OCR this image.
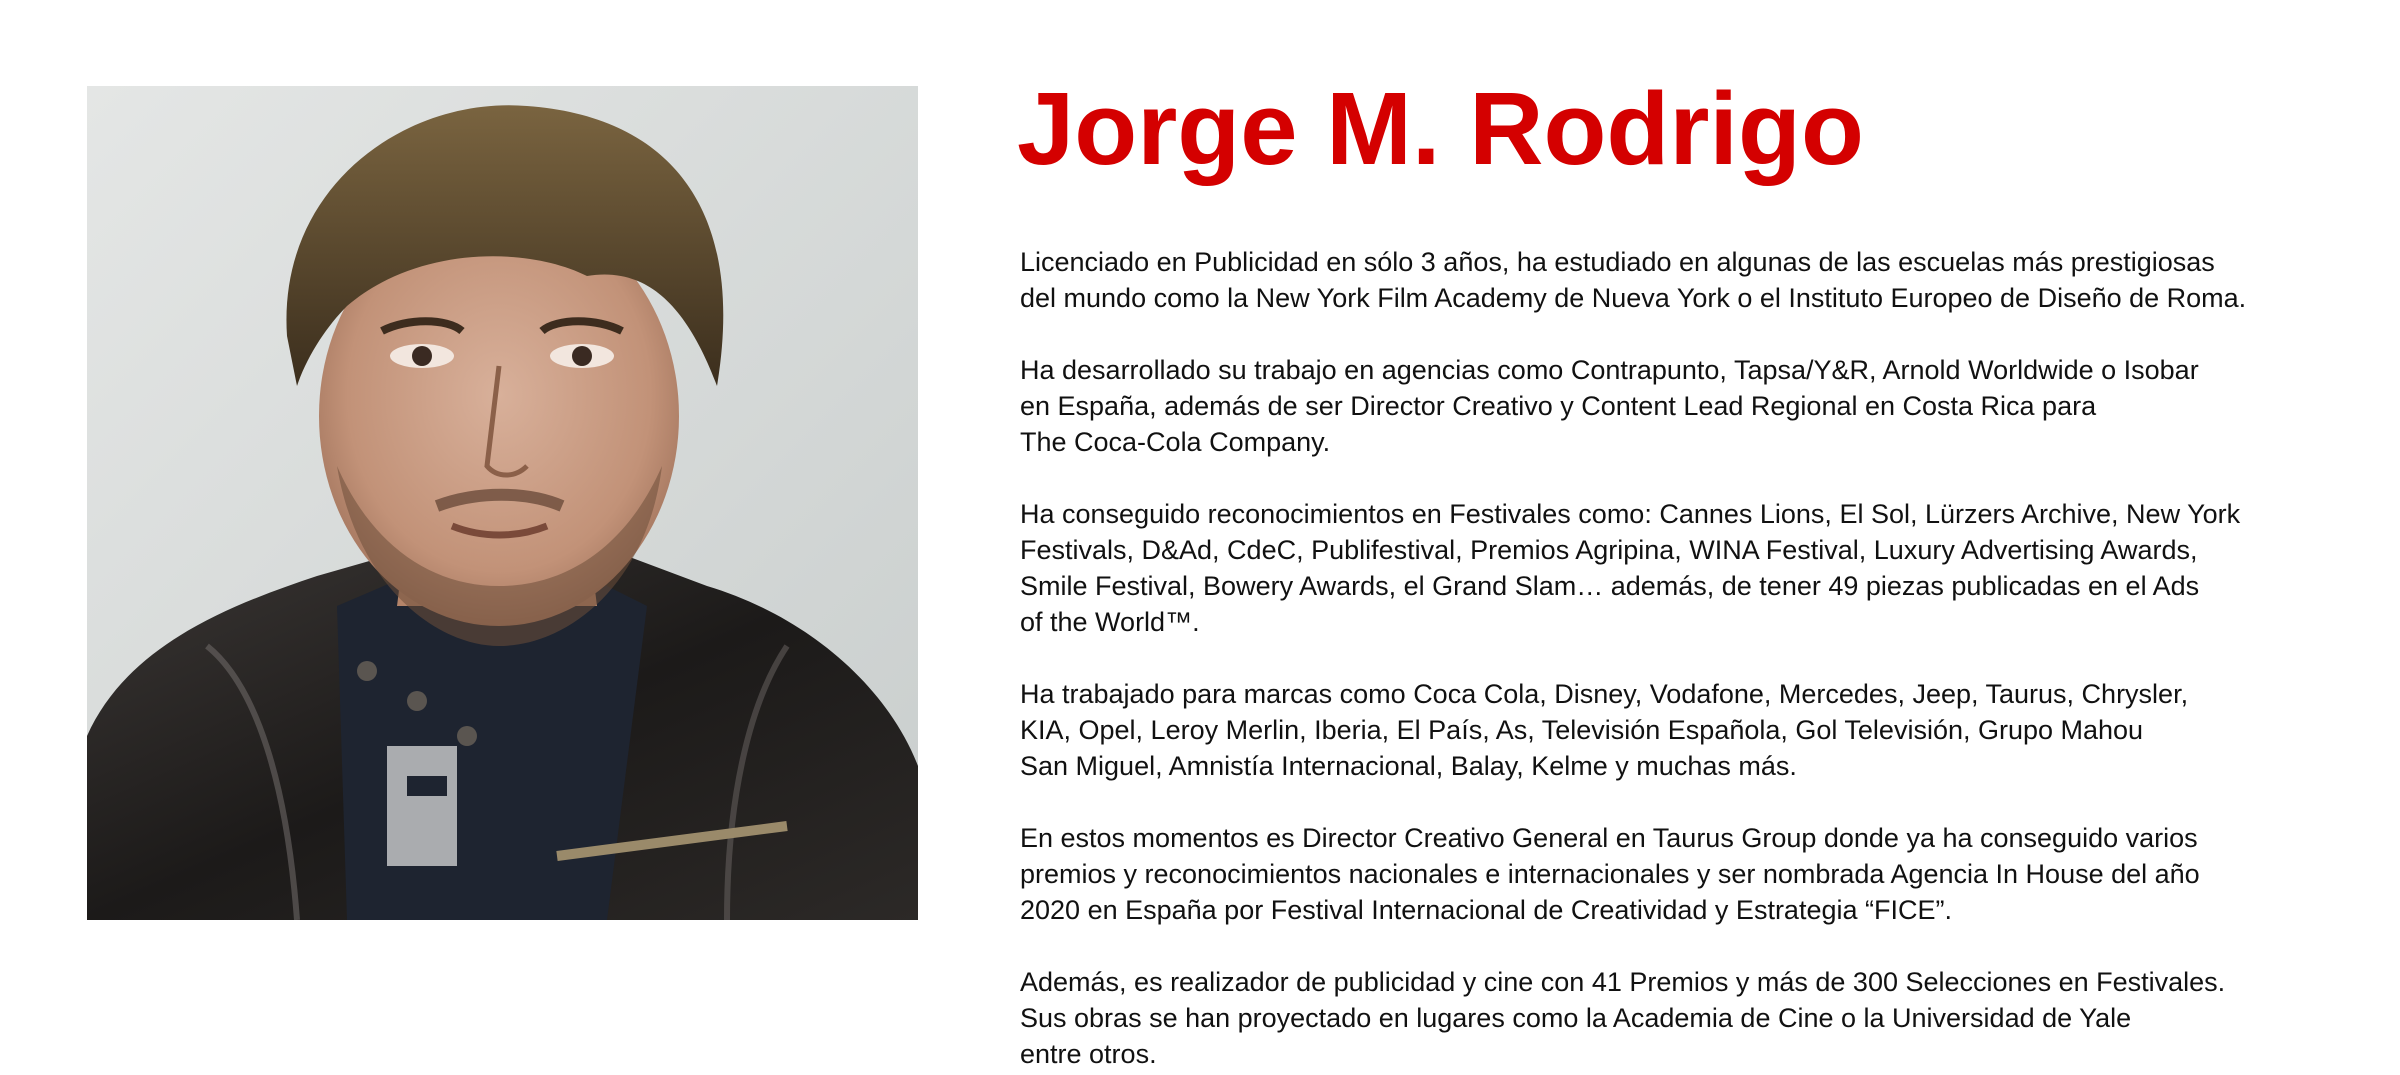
Jorge M. Rodrigo

Licenciado en Publicidad en sólo 3 años, ha estudiado en algunas de las escuelas más prestigiosas
del mundo como la New York Film Academy de Nueva York o el Instituto Europeo de Diseño de Roma.

Ha desarrollado su trabajo en agencias como Contrapunto, Tapsa/Y&R, Arnold Worldwide o Isobar
en España, además de ser Director Creativo y Content Lead Regional en Costa Rica para
The Coca-Cola Company.

Ha conseguido reconocimientos en Festivales como: Cannes Lions, El Sol, Lürzers Archive, New York
Festivals, D&Ad, CdeC, Publifestival, Premios Agripina, WINA Festival, Luxury Advertising Awards,
Smile Festival, Bowery Awards, el Grand Slam… además, de tener 49 piezas publicadas en el Ads
of the World™.

Ha trabajado para marcas como Coca Cola, Disney, Vodafone, Mercedes, Jeep, Taurus, Chrysler,
KIA, Opel, Leroy Merlin, Iberia, El País, As, Televisión Española, Gol Televisión, Grupo Mahou
San Miguel, Amnistía Internacional, Balay, Kelme y muchas más.

En estos momentos es Director Creativo General en Taurus Group donde ya ha conseguido varios
premios y reconocimientos nacionales e internacionales y ser nombrada Agencia In House del año
2020 en España por Festival Internacional de Creatividad y Estrategia “FICE”.

Además, es realizador de publicidad y cine con 41 Premios y más de 300 Selecciones en Festivales.
Sus obras se han proyectado en lugares como la Academia de Cine o la Universidad de Yale
entre otros.
